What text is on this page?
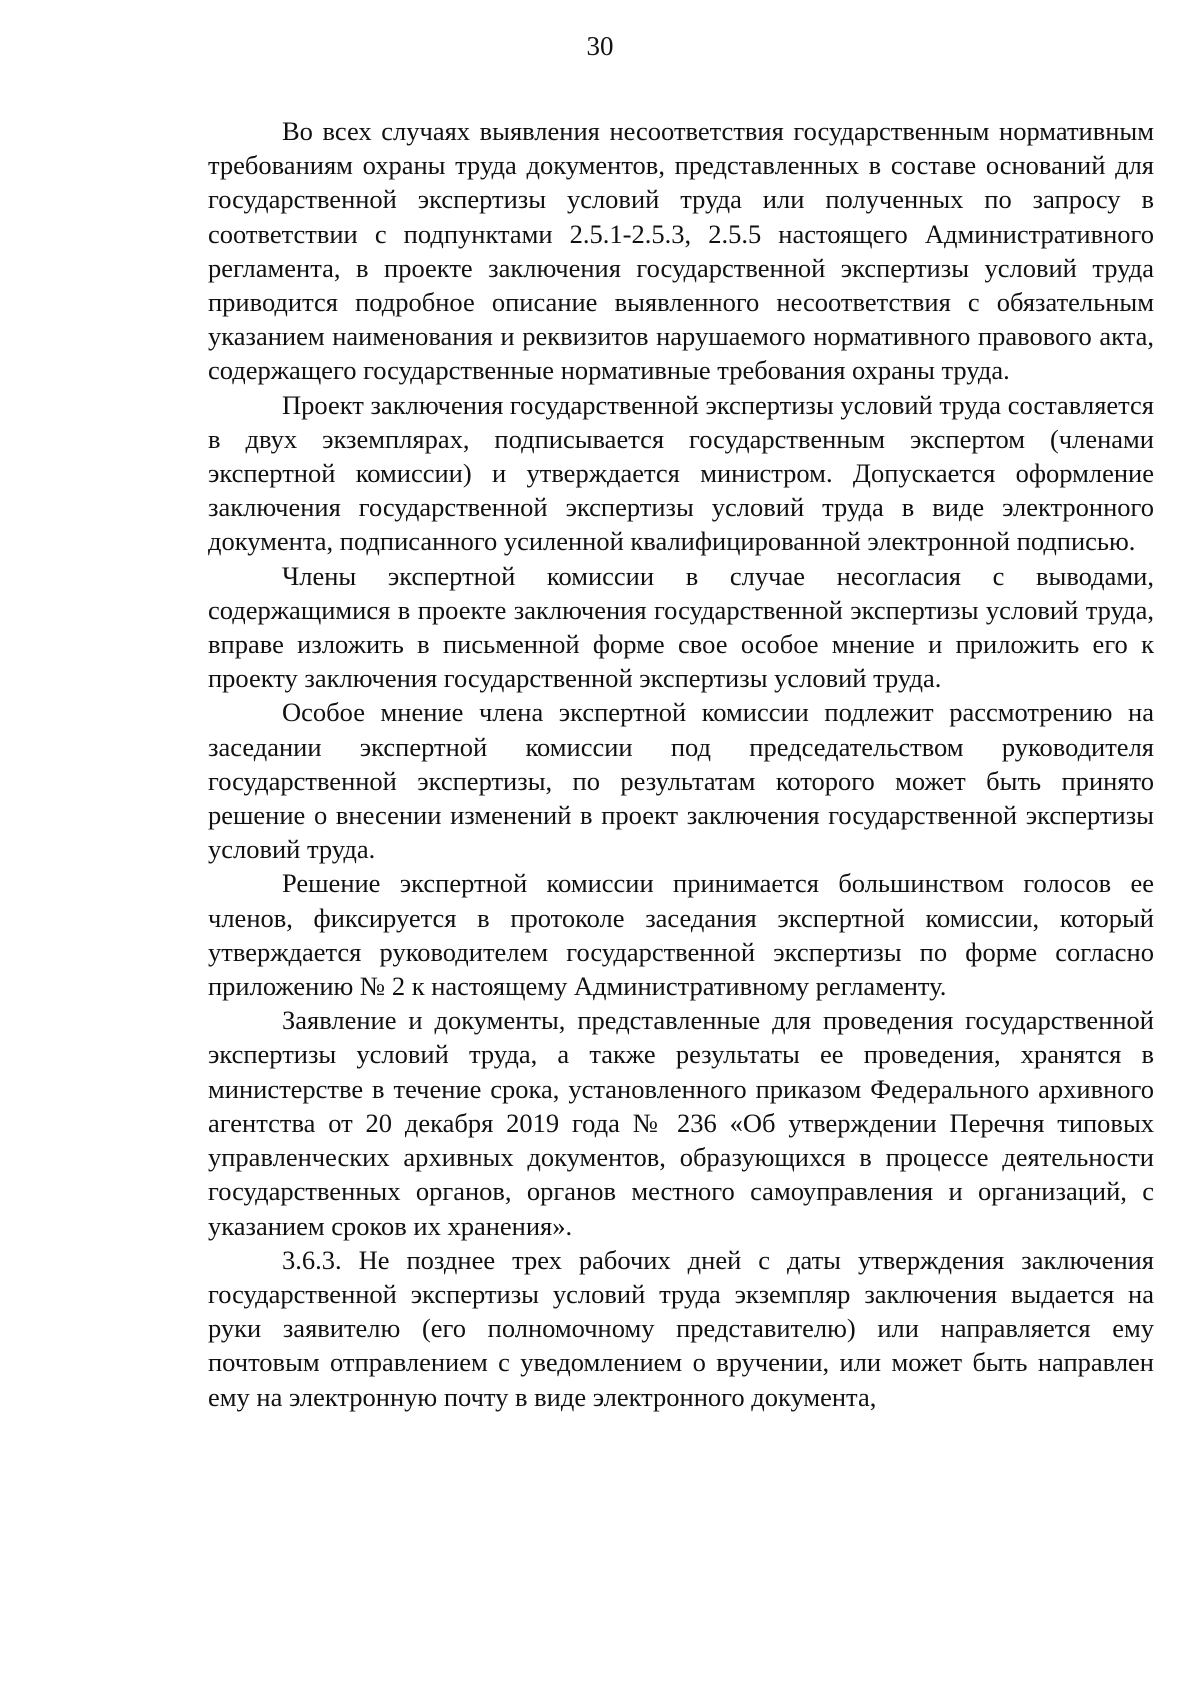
30

Во всех случаях выявления несоответствия государственным нормативным требованиям охраны труда документов, представленных в составе оснований для государственной экспертизы условий труда или полученных по запросу в соответствии с подпунктами 2.5.1-2.5.3, 2.5.5 настоящего Административного регламента, в проекте заключения государственной экспертизы условий труда приводится подробное описание выявленного несоответствия с обязательным указанием наименования и реквизитов нарушаемого нормативного правового акта, содержащего государственные нормативные требования охраны труда.

Проект заключения государственной экспертизы условий труда составляется в двух экземплярах, подписывается государственным экспертом (членами экспертной комиссии) и утверждается министром. Допускается оформление заключения государственной экспертизы условий труда в виде электронного документа, подписанного усиленной квалифицированной электронной подписью.

Члены экспертной комиссии в случае несогласия с выводами, содержащимися в проекте заключения государственной экспертизы условий труда, вправе изложить в письменной форме свое особое мнение и приложить его к проекту заключения государственной экспертизы условий труда.

Особое мнение члена экспертной комиссии подлежит рассмотрению на заседании экспертной комиссии под председательством руководителя государственной экспертизы, по результатам которого может быть принято решение о внесении изменений в проект заключения государственной экспертизы условий труда.

Решение экспертной комиссии принимается большинством голосов ее членов, фиксируется в протоколе заседания экспертной комиссии, который утверждается руководителем государственной экспертизы по форме согласно приложению № 2 к настоящему Административному регламенту.

Заявление и документы, представленные для проведения государственной экспертизы условий труда, а также результаты ее проведения, хранятся в министерстве в течение срока, установленного приказом Федерального архивного агентства от 20 декабря 2019 года № 236 «Об утверждении Перечня типовых управленческих архивных документов, образующихся в процессе деятельности государственных органов, органов местного самоуправления и организаций, с указанием сроков их хранения».

3.6.3. Не позднее трех рабочих дней с даты утверждения заключения государственной экспертизы условий труда экземпляр заключения выдается на руки заявителю (его полномочному представителю) или направляется ему почтовым отправлением с уведомлением о вручении, или может быть направлен ему на электронную почту в виде электронного документа,
